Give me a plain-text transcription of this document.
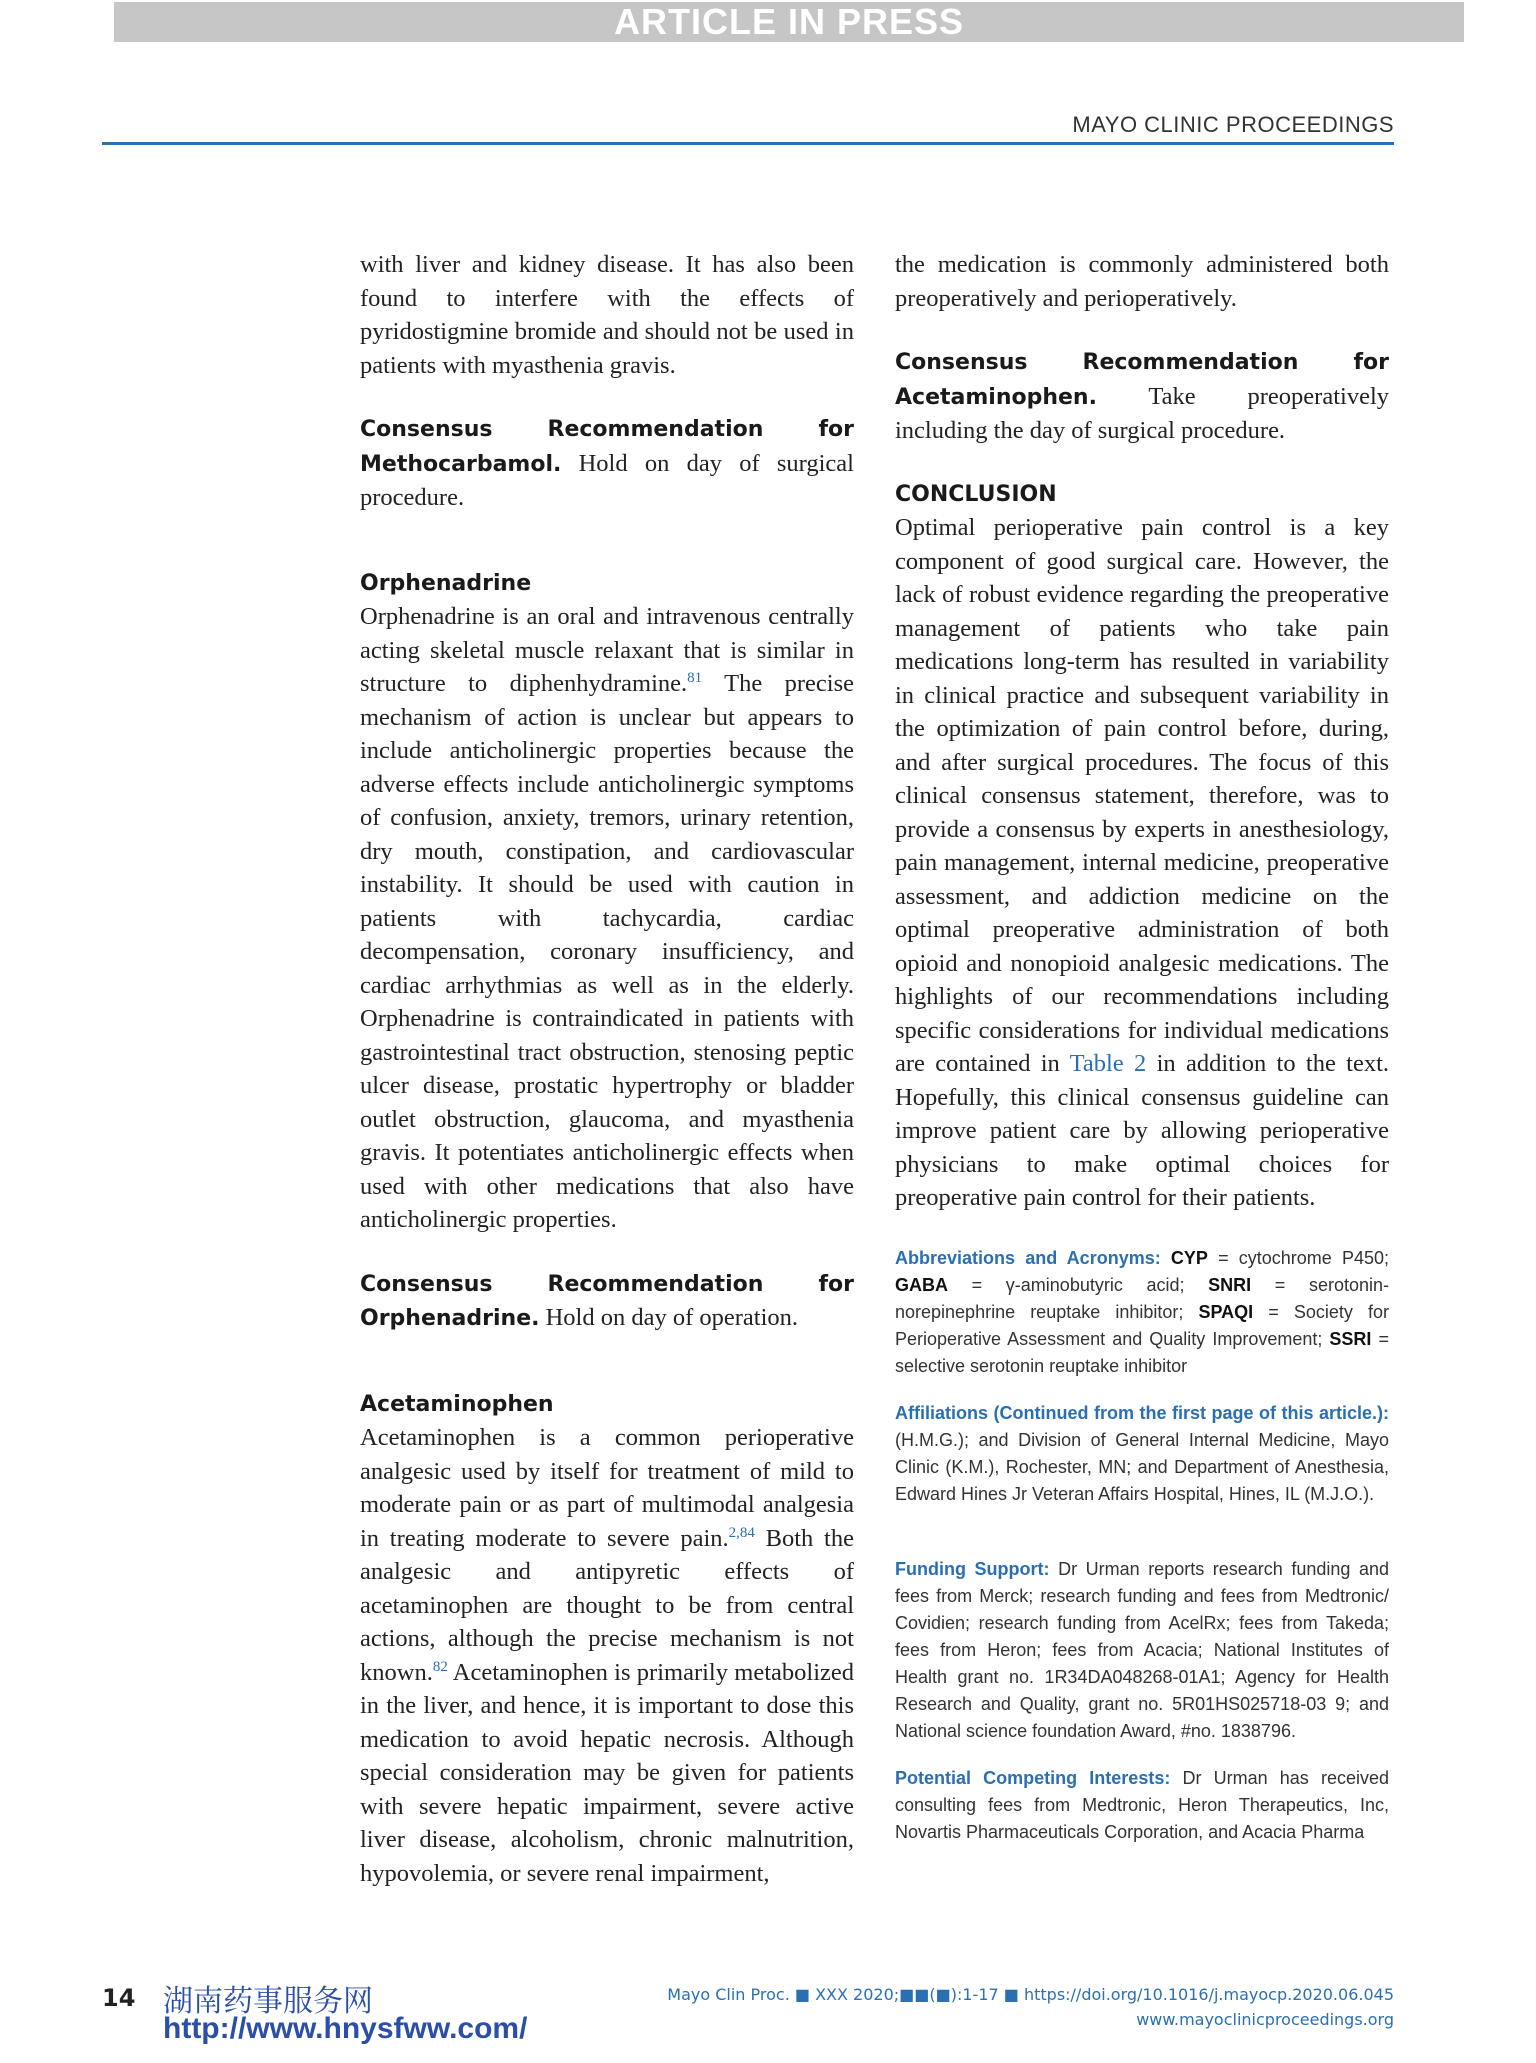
ARTICLE IN PRESS
MAYO CLINIC PROCEEDINGS

with liver and kidney disease. It has also been found to interfere with the effects of pyridostigmine bromide and should not be used in patients with myasthenia gravis.

Consensus Recommendation for Methocarbamol. Hold on day of surgical procedure.

Orphenadrine

Orphenadrine is an oral and intravenous centrally acting skeletal muscle relaxant that is similar in structure to diphenhydramine.$^{81}$ The precise mechanism of action is unclear but appears to include anticholinergic properties because the adverse effects include anticholinergic symptoms of confusion, anxiety, tremors, urinary retention, dry mouth, constipation, and cardiovascular instability. It should be used with caution in patients with tachycardia, cardiac decompensation, coronary insufficiency, and cardiac arrhythmias as well as in the elderly. Orphenadrine is contraindicated in patients with gastrointestinal tract obstruction, stenosing peptic ulcer disease, prostatic hypertrophy or bladder outlet obstruction, glaucoma, and myasthenia gravis. It potentiates anticholinergic effects when used with other medications that also have anticholinergic properties.

Consensus Recommendation for Orphenadrine. Hold on day of operation.

Acetaminophen

Acetaminophen is a common perioperative analgesic used by itself for treatment of mild to moderate pain or as part of multimodal analgesia in treating moderate to severe pain.$^{2,84}$ Both the analgesic and antipyretic effects of acetaminophen are thought to be from central actions, although the precise mechanism is not known.$^{82}$ Acetaminophen is primarily metabolized in the liver, and hence, it is important to dose this medication to avoid hepatic necrosis. Although special consideration may be given for patients with severe hepatic impairment, severe active liver disease, alcoholism, chronic malnutrition, hypovolemia, or severe renal impairment,

the medication is commonly administered both preoperatively and perioperatively.

Consensus Recommendation for Acetaminophen. Take preoperatively including the day of surgical procedure.

CONCLUSION

Optimal perioperative pain control is a key component of good surgical care. However, the lack of robust evidence regarding the preoperative management of patients who take pain medications long-term has resulted in variability in clinical practice and subsequent variability in the optimization of pain control before, during, and after surgical procedures. The focus of this clinical consensus statement, therefore, was to provide a consensus by experts in anesthesiology, pain management, internal medicine, preoperative assessment, and addiction medicine on the optimal preoperative administration of both opioid and nonopioid analgesic medications. The highlights of our recommendations including specific considerations for individual medications are contained in Table 2 in addition to the text. Hopefully, this clinical consensus guideline can improve patient care by allowing perioperative physicians to make optimal choices for preoperative pain control for their patients.

Abbreviations and Acronyms: CYP = cytochrome P450; GABA = γ-aminobutyric acid; SNRI = serotonin-norepinephrine reuptake inhibitor; SPAQI = Society for Perioperative Assessment and Quality Improvement; SSRI = selective serotonin reuptake inhibitor

Affiliations (Continued from the first page of this article.): (H.M.G.); and Division of General Internal Medicine, Mayo Clinic (K.M.), Rochester, MN; and Department of Anesthesia, Edward Hines Jr Veteran Affairs Hospital, Hines, IL (M.J.O.).

Funding Support: Dr Urman reports research funding and fees from Merck; research funding and fees from Medtronic/ Covidien; research funding from AcelRx; fees from Takeda; fees from Heron; fees from Acacia; National Institutes of Health grant no. 1R34DA048268-01A1; Agency for Health Research and Quality, grant no. 5R01HS025718-03 9; and National science foundation Award, #no. 1838796.

Potential Competing Interests: Dr Urman has received consulting fees from Medtronic, Heron Therapeutics, Inc, Novartis Pharmaceuticals Corporation, and Acacia Pharma

14 湖南药事服务网
http://www.hnysfww.com/
Mayo Clin Proc. ■ XXX 2020;■■(■):1-17 ■ https://doi.org/10.1016/j.mayocp.2020.06.045
www.mayoclinicproceedings.org
